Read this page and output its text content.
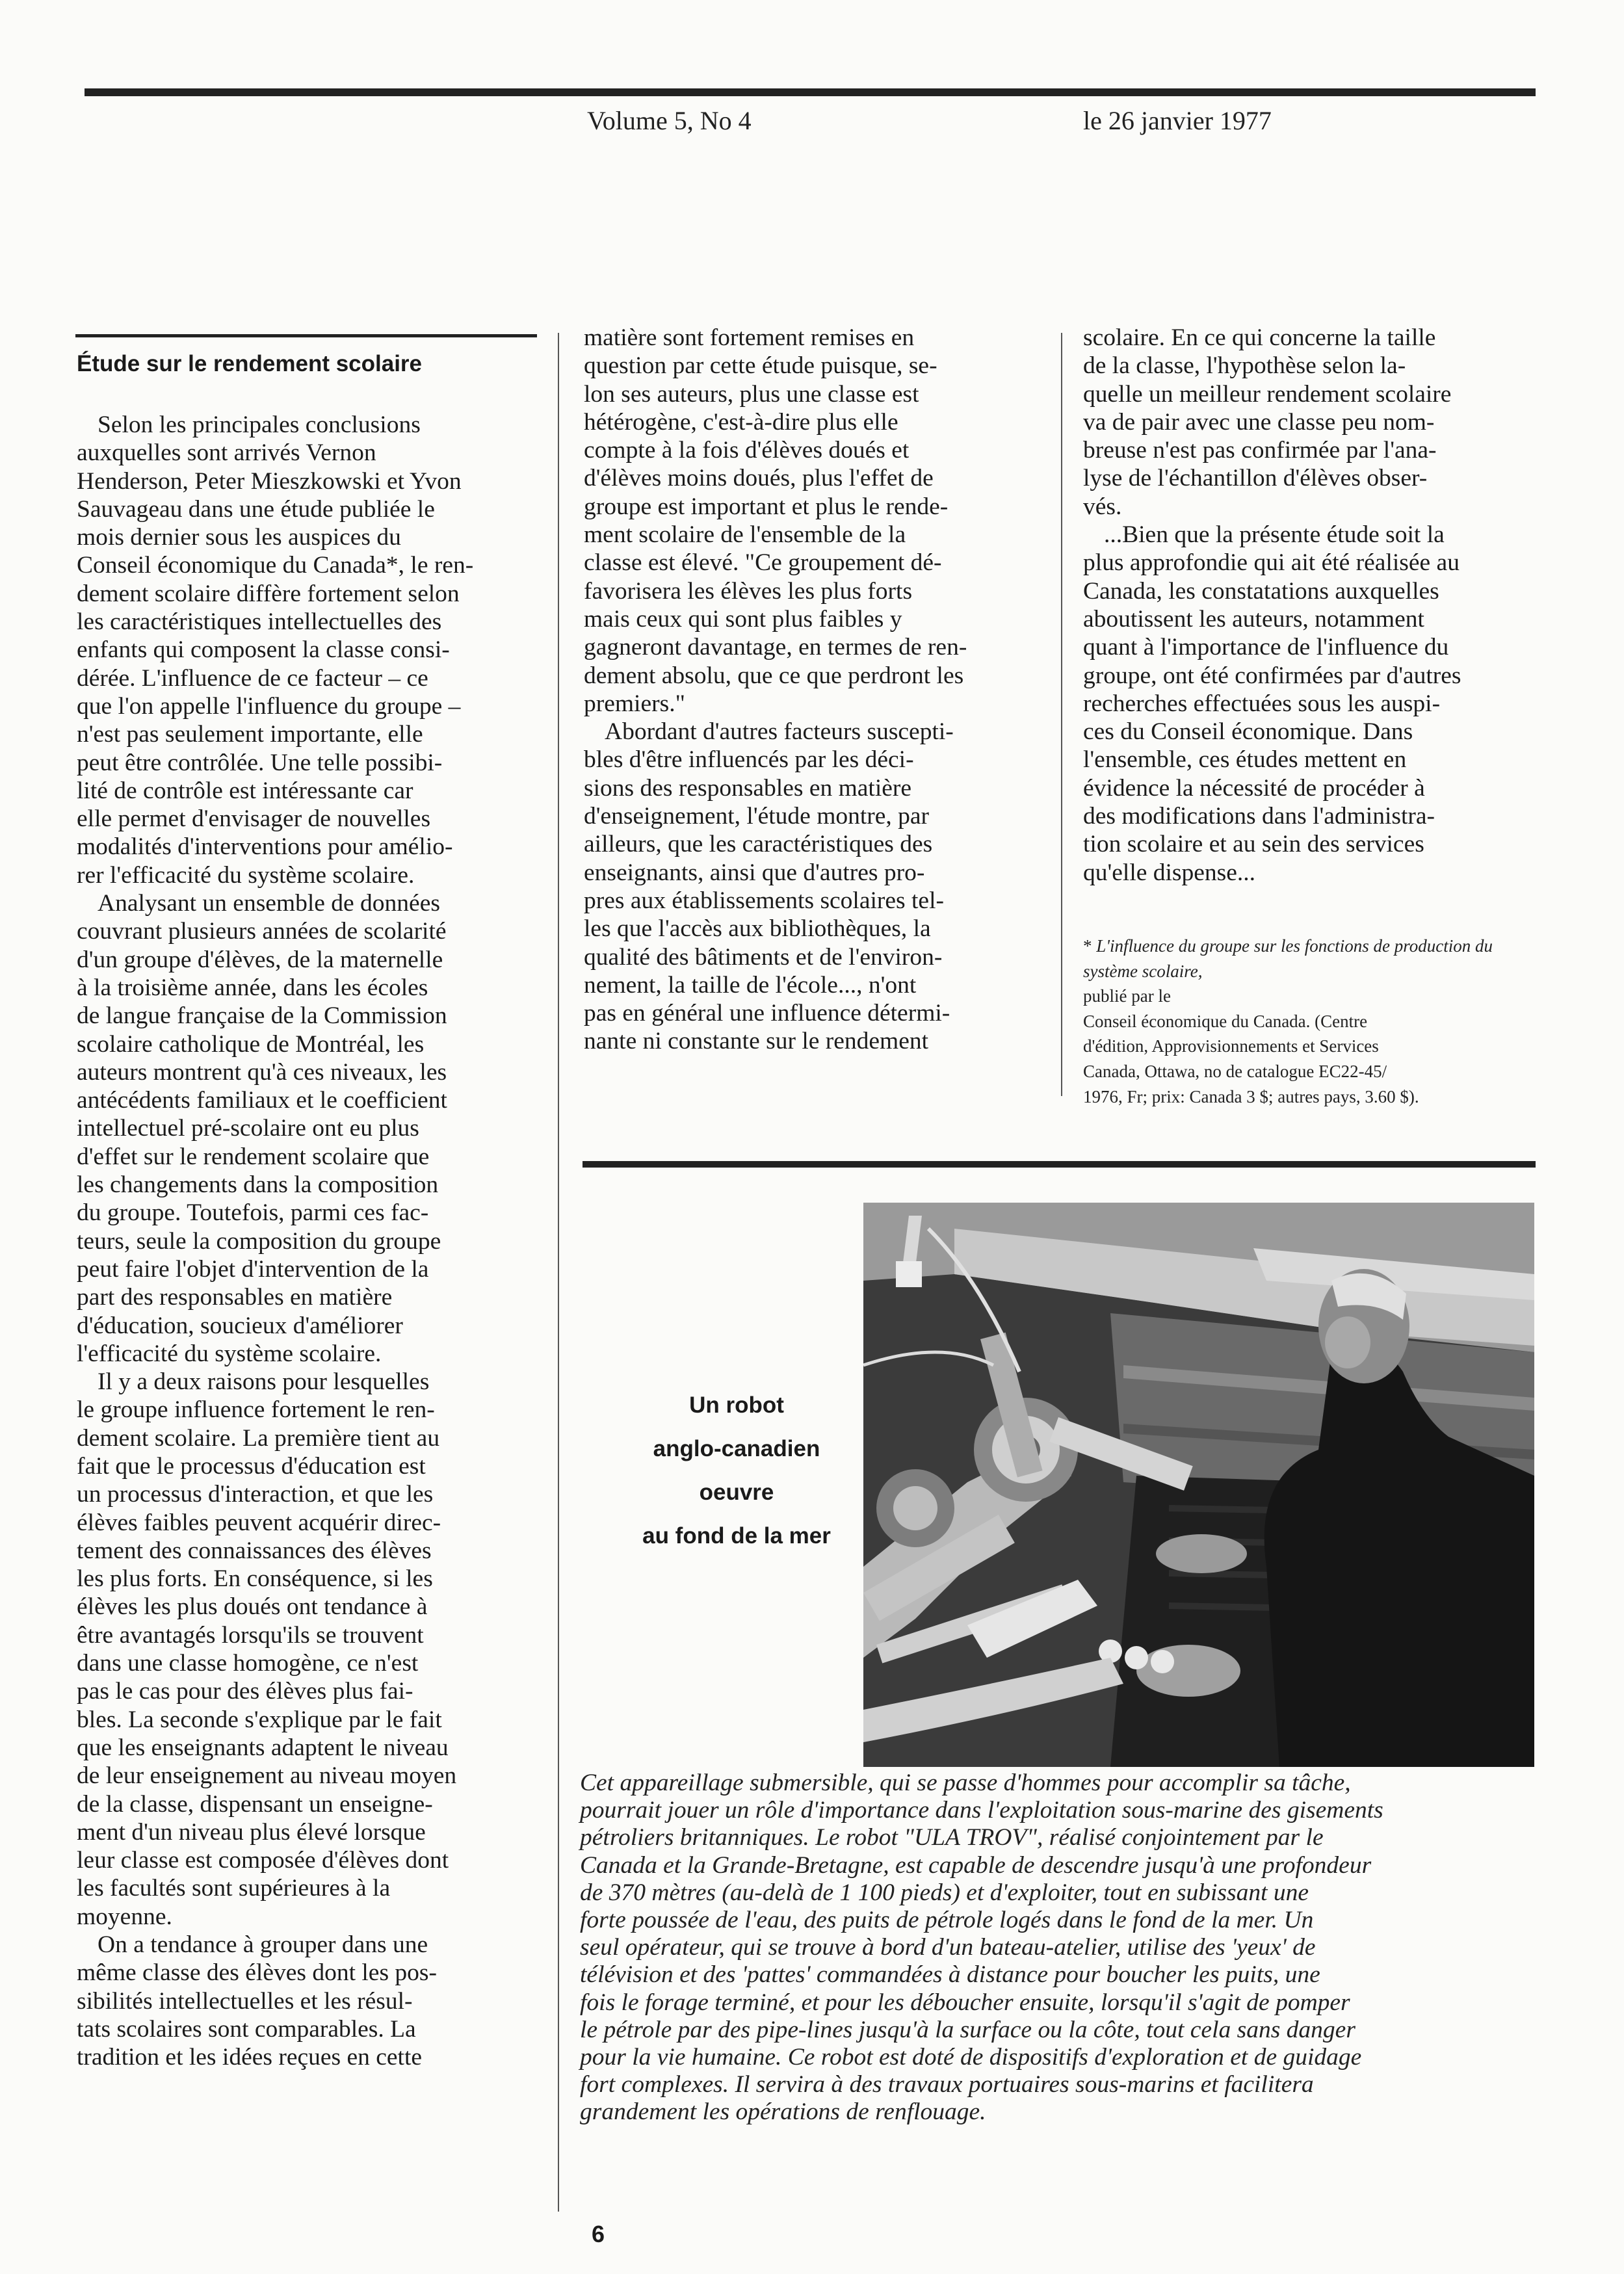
Volume 5, No 4	le 26 janvier 1977
Étude sur le rendement scolaire
Selon les principales conclusions
auxquelles sont arrivés Vernon
Henderson, Peter Mieszkowski et Yvon
Sauvageau dans une étude publiée le
mois dernier sous les auspices du
Conseil économique du Canada*, le ren-
dement scolaire diffère fortement selon
les caractéristiques intellectuelles des
enfants qui composent la classe consi-
dérée. L'influence de ce facteur – ce
que l'on appelle l'influence du groupe –
n'est pas seulement importante, elle
peut être contrôlée. Une telle possibi-
lité de contrôle est intéressante car
elle permet d'envisager de nouvelles
modalités d'interventions pour amélio-
rer l'efficacité du système scolaire.
Analysant un ensemble de données
couvrant plusieurs années de scolarité
d'un groupe d'élèves, de la maternelle
à la troisième année, dans les écoles
de langue française de la Commission
scolaire catholique de Montréal, les
auteurs montrent qu'à ces niveaux, les
antécédents familiaux et le coefficient
intellectuel pré-scolaire ont eu plus
d'effet sur le rendement scolaire que
les changements dans la composition
du groupe. Toutefois, parmi ces fac-
teurs, seule la composition du groupe
peut faire l'objet d'intervention de la
part des responsables en matière
d'éducation, soucieux d'améliorer
l'efficacité du système scolaire.
Il y a deux raisons pour lesquelles
le groupe influence fortement le ren-
dement scolaire. La première tient au
fait que le processus d'éducation est
un processus d'interaction, et que les
élèves faibles peuvent acquérir direc-
tement des connaissances des élèves
les plus forts. En conséquence, si les
élèves les plus doués ont tendance à
être avantagés lorsqu'ils se trouvent
dans une classe homogène, ce n'est
pas le cas pour des élèves plus fai-
bles. La seconde s'explique par le fait
que les enseignants adaptent le niveau
de leur enseignement au niveau moyen
de la classe, dispensant un enseigne-
ment d'un niveau plus élevé lorsque
leur classe est composée d'élèves dont
les facultés sont supérieures à la
moyenne.
On a tendance à grouper dans une
même classe des élèves dont les pos-
sibilités intellectuelles et les résul-
tats scolaires sont comparables. La
tradition et les idées reçues en cette
matière sont fortement remises en
question par cette étude puisque, se-
lon ses auteurs, plus une classe est
hétérogène, c'est-à-dire plus elle
compte à la fois d'élèves doués et
d'élèves moins doués, plus l'effet de
groupe est important et plus le rende-
ment scolaire de l'ensemble de la
classe est élevé. "Ce groupement dé-
favorisera les élèves les plus forts
mais ceux qui sont plus faibles y
gagneront davantage, en termes de ren-
dement absolu, que ce que perdront les
premiers."
Abordant d'autres facteurs suscepti-
bles d'être influencés par les déci-
sions des responsables en matière
d'enseignement, l'étude montre, par
ailleurs, que les caractéristiques des
enseignants, ainsi que d'autres pro-
pres aux établissements scolaires tel-
les que l'accès aux bibliothèques, la
qualité des bâtiments et de l'environ-
nement, la taille de l'école..., n'ont
pas en général une influence détermi-
nante ni constante sur le rendement
scolaire. En ce qui concerne la taille
de la classe, l'hypothèse selon la-
quelle un meilleur rendement scolaire
va de pair avec une classe peu nom-
breuse n'est pas confirmée par l'ana-
lyse de l'échantillon d'élèves obser-
vés.
...Bien que la présente étude soit la
plus approfondie qui ait été réalisée au
Canada, les constatations auxquelles
aboutissent les auteurs, notamment
quant à l'importance de l'influence du
groupe, ont été confirmées par d'autres
recherches effectuées sous les auspi-
ces du Conseil économique. Dans
l'ensemble, ces études mettent en
évidence la nécessité de procéder à
des modifications dans l'administra-
tion scolaire et au sein des services
qu'elle dispense...
* L'influence du groupe sur les fonctions de production du système scolaire,
publié par le
Conseil économique du Canada. (Centre
d'édition, Approvisionnements et Services
Canada, Ottawa, no de catalogue EC22-45/
1976, Fr; prix: Canada 3 $; autres pays, 3.60 $).
Un robot
anglo-canadien
oeuvre
au fond de la mer
Cet appareillage submersible, qui se passe d'hommes pour accomplir sa tâche,
pourrait jouer un rôle d'importance dans l'exploitation sous-marine des gisements
pétroliers britanniques. Le robot "ULA TROV", réalisé conjointement par le
Canada et la Grande-Bretagne, est capable de descendre jusqu'à une profondeur
de 370 mètres (au-delà de 1 100 pieds) et d'exploiter, tout en subissant une
forte poussée de l'eau, des puits de pétrole logés dans le fond de la mer. Un
seul opérateur, qui se trouve à bord d'un bateau-atelier, utilise des 'yeux' de
télévision et des 'pattes' commandées à distance pour boucher les puits, une
fois le forage terminé, et pour les déboucher ensuite, lorsqu'il s'agit de pomper
le pétrole par des pipe-lines jusqu'à la surface ou la côte, tout cela sans danger
pour la vie humaine. Ce robot est doté de dispositifs d'exploration et de guidage
fort complexes. Il servira à des travaux portuaires sous-marins et facilitera
grandement les opérations de renflouage.
6
